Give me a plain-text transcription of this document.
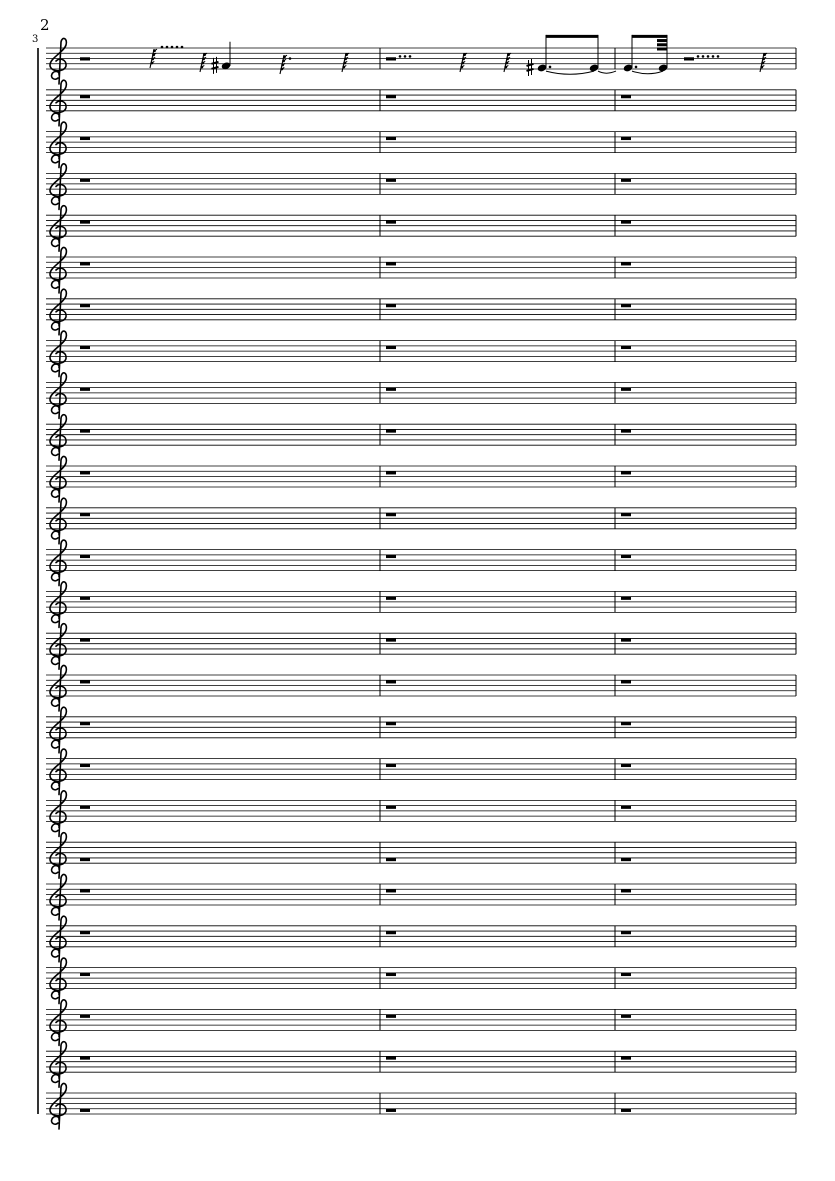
2
3
